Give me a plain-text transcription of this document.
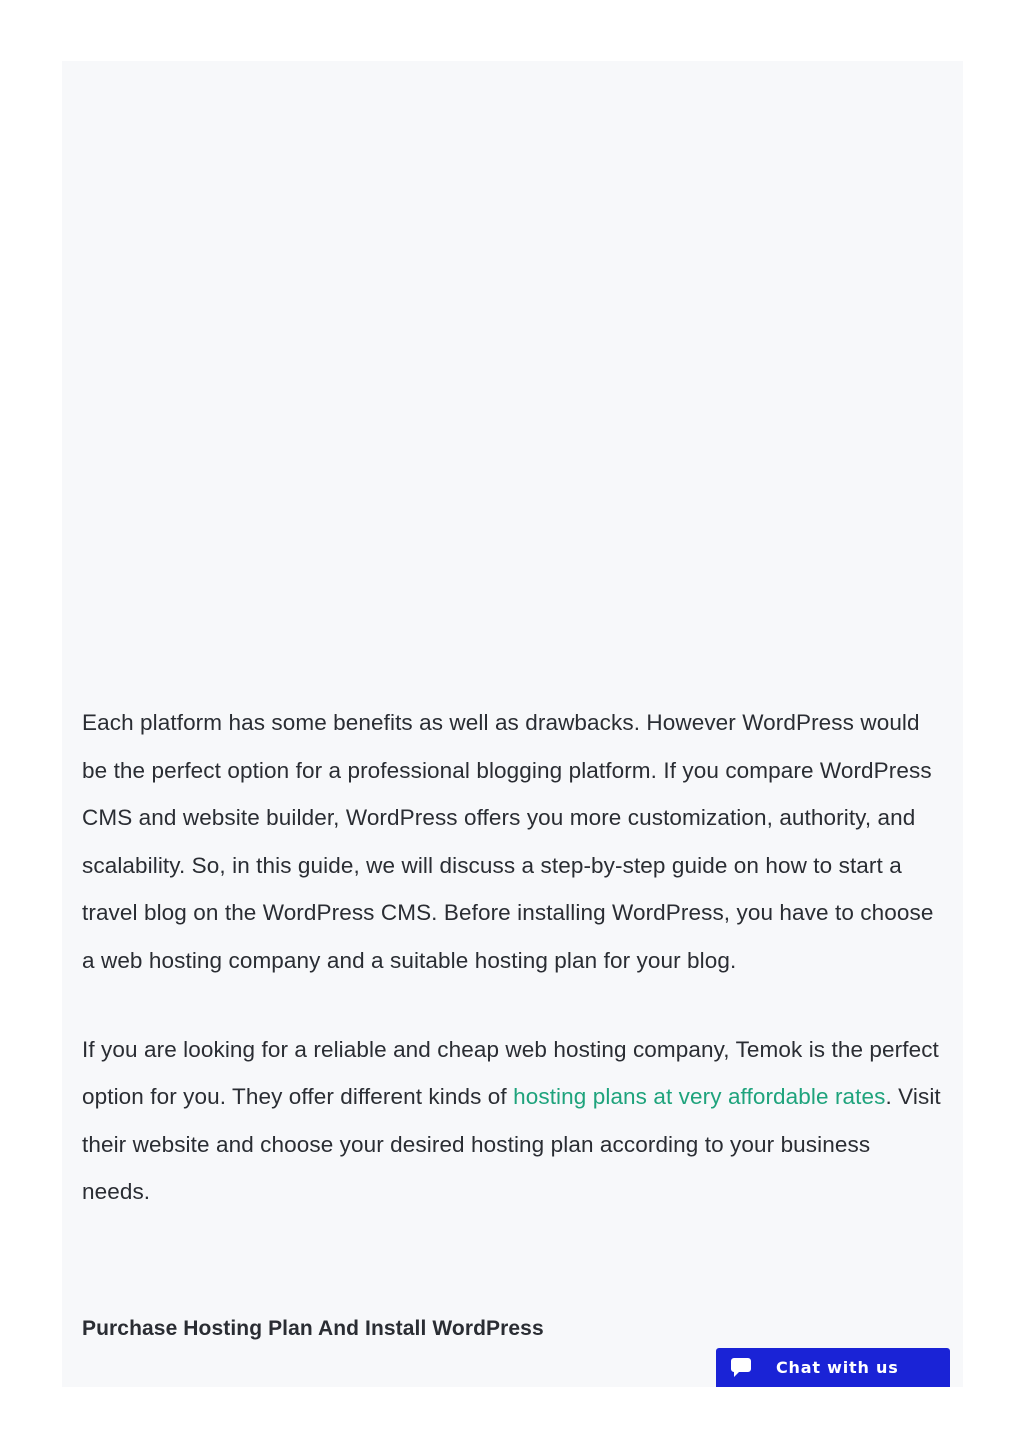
Each platform has some benefits as well as drawbacks. However WordPress would be the perfect option for a professional blogging platform. If you compare WordPress CMS and website builder, WordPress offers you more customization, authority, and scalability. So, in this guide, we will discuss a step-by-step guide on how to start a travel blog on the WordPress CMS. Before installing WordPress, you have to choose a web hosting company and a suitable hosting plan for your blog.

If you are looking for a reliable and cheap web hosting company, Temok is the perfect option for you. They offer different kinds of hosting plans at very affordable rates. Visit their website and choose your desired hosting plan according to your business needs.

Purchase Hosting Plan And Install WordPress
Chat with us
